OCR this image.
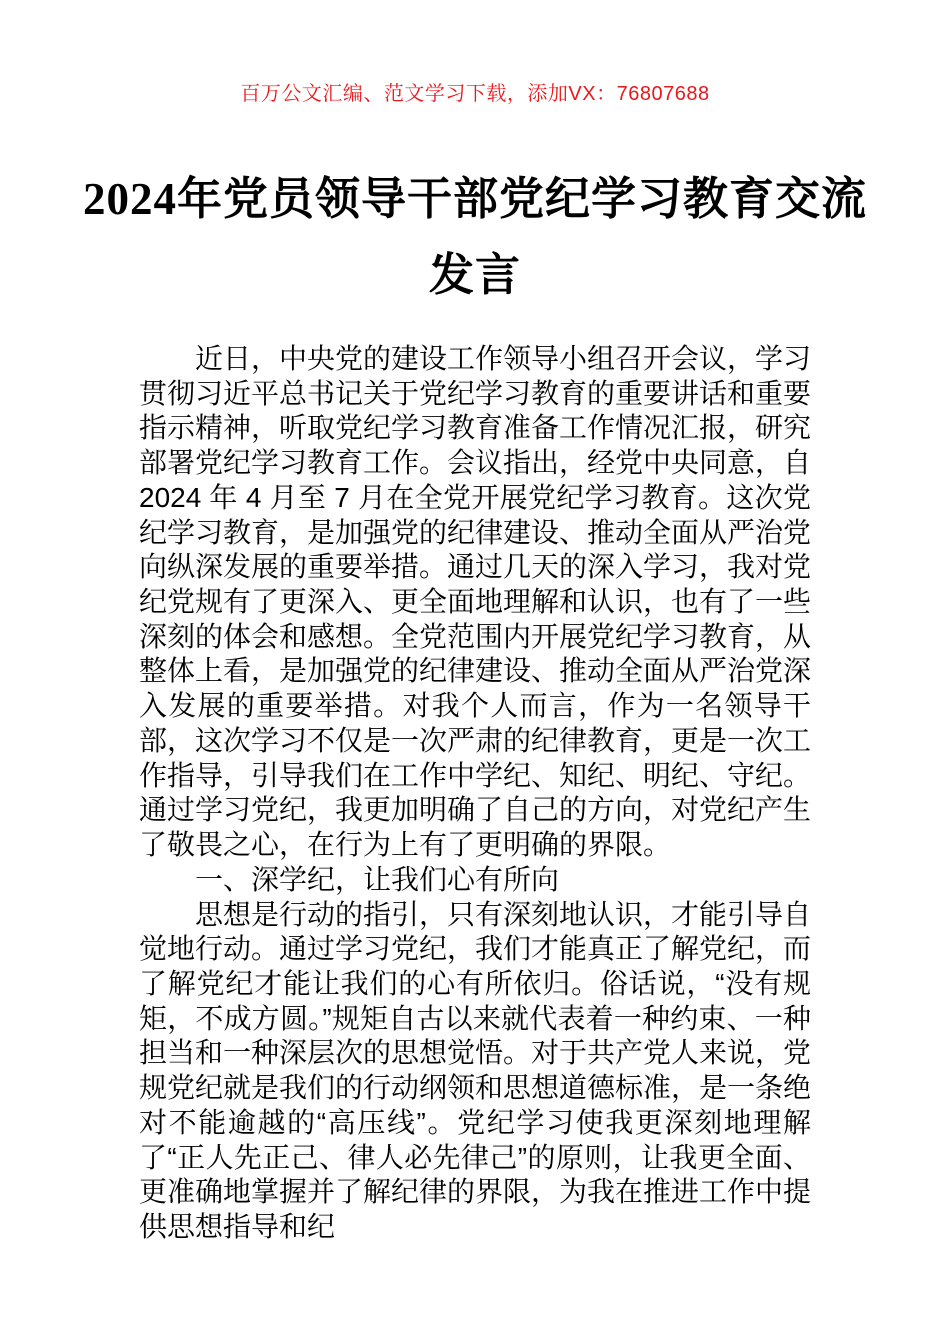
百万公文汇编、范文学习下载，添加VX：76807688
2024年党员领导干部党纪学习教育交流发言

近日，中央党的建设工作领导小组召开会议，学习贯彻习近平总书记关于党纪学习教育的重要讲话和重要指示精神，听取党纪学习教育准备工作情况汇报，研究部署党纪学习教育工作。会议指出，经党中央同意，自 2024 年 4 月至 7 月在全党开展党纪学习教育。这次党纪学习教育，是加强党的纪律建设、推动全面从严治党向纵深发展的重要举措。通过几天的深入学习，我对党纪党规有了更深入、更全面地理解和认识，也有了一些深刻的体会和感想。全党范围内开展党纪学习教育，从整体上看，是加强党的纪律建设、推动全面从严治党深入发展的重要举措。对我个人而言，作为一名领导干部，这次学习不仅是一次严肃的纪律教育，更是一次工作指导，引导我们在工作中学纪、知纪、明纪、守纪。通过学习党纪，我更加明确了自己的方向，对党纪产生了敬畏之心，在行为上有了更明确的界限。

一、深学纪，让我们心有所向

思想是行动的指引，只有深刻地认识，才能引导自觉地行动。通过学习党纪，我们才能真正了解党纪，而了解党纪才能让我们的心有所依归。俗话说，“没有规矩，不成方圆。”规矩自古以来就代表着一种约束、一种担当和一种深层次的思想觉悟。对于共产党人来说，党规党纪就是我们的行动纲领和思想道德标准，是一条绝对不能逾越的“高压线”。党纪学习使我更深刻地理解了“正人先正己、律人必先律己”的原则，让我更全面、更准确地掌握并了解纪律的界限，为我在推进工作中提供思想指导和纪
